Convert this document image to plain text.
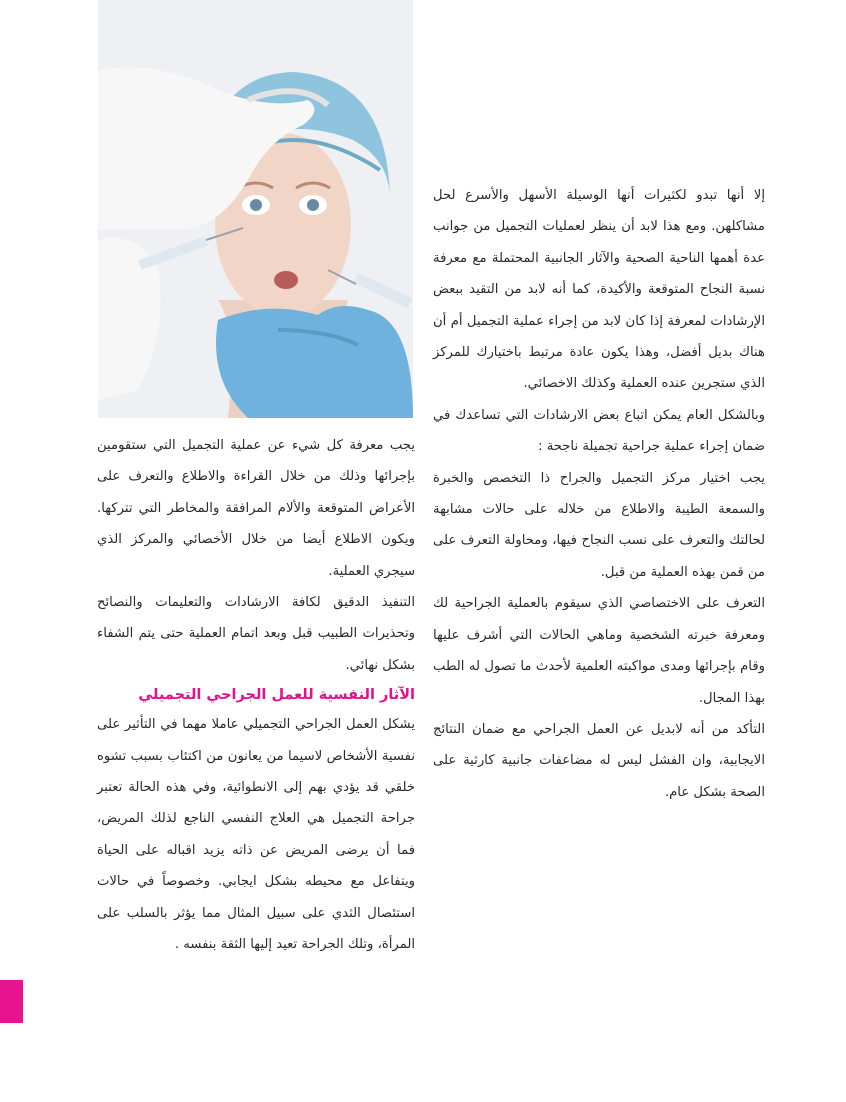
إلا أنها تبدو لكثيرات أنها الوسيلة الأسهل والأسرع لحل مشاكلهن. ومع هذا لابد أن ينظر لعمليات التجميل من جوانب عدة أهمها الناحية الصحية والآثار الجانبية المحتملة مع معرفة نسبة النجاح المتوقعة والأكيدة، كما أنه لابد من التقيد ببعض الإرشادات لمعرفة إذا كان لابد من إجراء عملية التجميل أم أن هناك بديل أفضل، وهذا يكون عادة مرتبط باختيارك للمركز الذي ستجرين عنده العملية وكذلك الاخصائي.

وبالشكل العام يمكن اتباع بعض الارشادات التي تساعدك في ضمان إجراء عملية جراحية تجميلة ناجحة :

يجب اختيار مركز التجميل والجراح ذا التخصص والخبرة والسمعة الطيبة والاطلاع من خلاله على حالات مشابهة لحالتك والتعرف على نسب النجاح فيها، ومحاولة التعرف على من قمن بهذه العملية من قبل.

التعرف على الاختصاصي الذي سيقوم بالعملية الجراحية لك ومعرفة خبرته الشخصية وماهي الحالات التي أشرف عليها وقام بإجرائها ومدى مواكبته العلمية لأحدث ما تصول له الطب بهذا المجال.

التأكد من أنه لابديل عن العمل الجراحي مع ضمان النتائج الايجابية، وان الفشل ليس له مضاعفات جانبية كارثية على الصحة بشكل عام.

يجب معرفة كل شيء عن عملية التجميل التي ستقومين بإجرائها وذلك من خلال القراءة والاطلاع والتعرف على الأعراض المتوقعة والألام المرافقة والمخاطر التي تتركها. ويكون الاطلاع أيضا من خلال الأخصائي والمركز الذي سيجري العملية.

التنفيذ الدقيق لكافة الارشادات والتعليمات والنصائح وتحذيرات الطبيب قبل وبعد اتمام العملية حتى يتم الشفاء بشكل نهائي.

الآثار النفسية للعمل الجراحي التجميلي

يشكل العمل الجراحي التجميلي عاملا مهما في التأثير على نفسية الأشخاص لاسيما من يعانون من اكتئاب بسبب تشوه خلقي قد يؤدي بهم إلى الانطوائية، وفي هذه الحالة تعتبر جراحة التجميل هي العلاج النفسي الناجع لذلك المريض، فما أن يرضى المريض عن ذاته يزيد اقباله على الحياة ويتفاعل مع محيطه بشكل ايجابي. وخصوصاً في حالات استئصال الثدي على سبيل المثال مما يؤثر بالسلب على المرأة، وتلك الجراحة تعيد إليها الثقة بنفسه .
